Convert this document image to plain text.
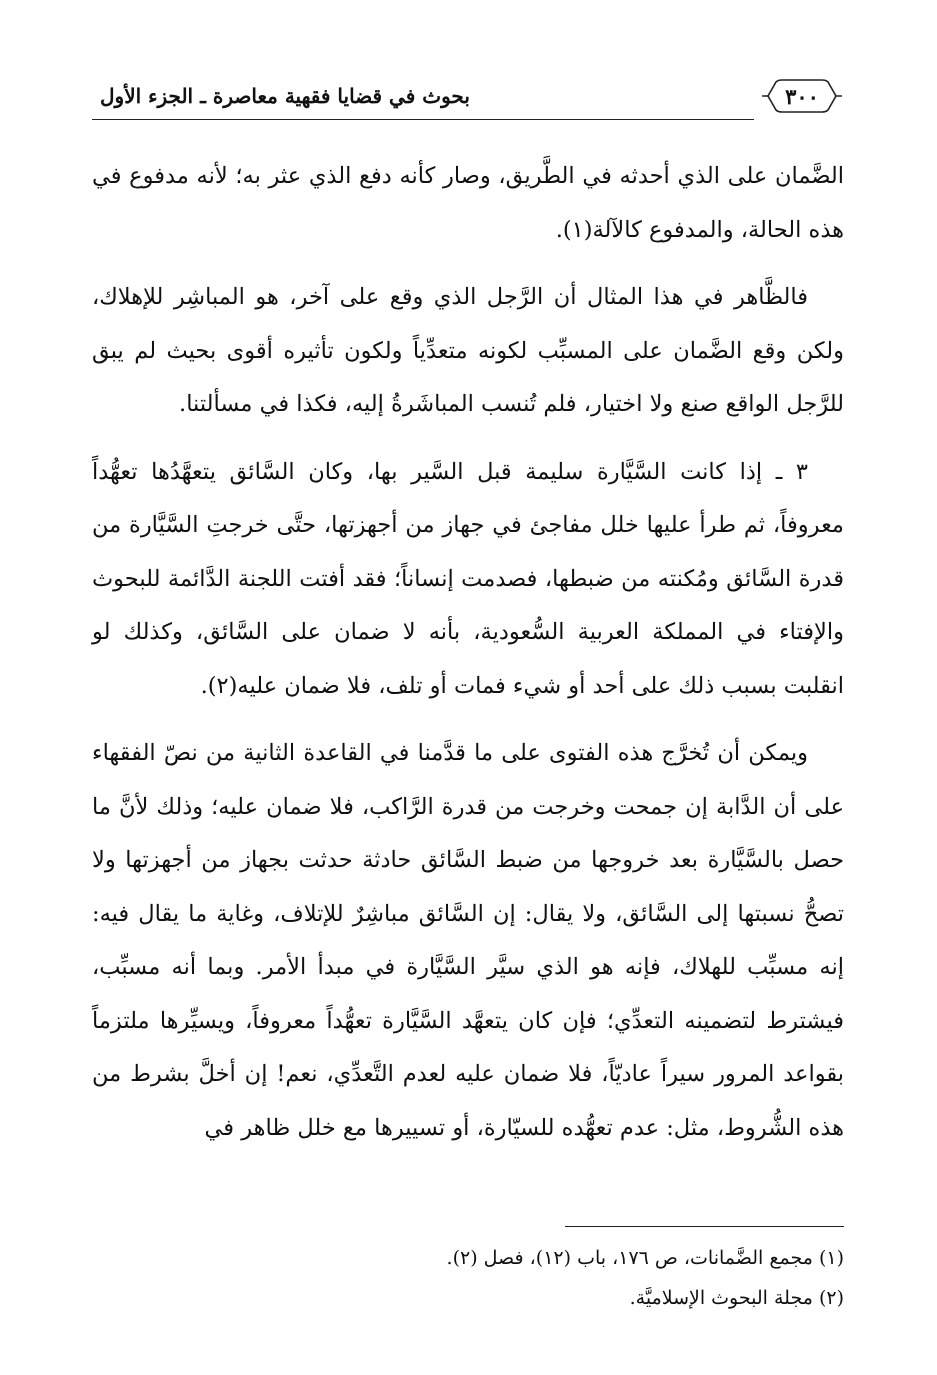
٣٠٠
بحوث في قضايا فقهية معاصرة ـ الجزء الأول

الضَّمان على الذي أحدثه في الطَّريق، وصار كأنه دفع الذي عثر به؛ لأنه مدفوع في هذه الحالة، والمدفوع كالآلة(١).

فالظَّاهر في هذا المثال أن الرَّجل الذي وقع على آخر، هو المباشِر للإهلاك، ولكن وقع الضَّمان على المسبِّب لكونه متعدِّياً ولكون تأثيره أقوى بحيث لم يبق للرَّجل الواقع صنع ولا اختيار، فلم تُنسب المباشَرةُ إليه، فكذا في مسألتنا.

٣ ـ إذا كانت السَّيَّارة سليمة قبل السَّير بها، وكان السَّائق يتعهَّدُها تعهُّداً معروفاً، ثم طرأ عليها خلل مفاجئ في جهاز من أجهزتها، حتَّى خرجتِ السَّيَّارة من قدرة السَّائق ومُكنته من ضبطها، فصدمت إنساناً؛ فقد أفتت اللجنة الدَّائمة للبحوث والإفتاء في المملكة العربية السُّعودية، بأنه لا ضمان على السَّائق، وكذلك لو انقلبت بسبب ذلك على أحد أو شيء فمات أو تلف، فلا ضمان عليه(٢).

ويمكن أن تُخرَّج هذه الفتوى على ما قدَّمنا في القاعدة الثانية من نصّ الفقهاء على أن الدَّابة إن جمحت وخرجت من قدرة الرَّاكب، فلا ضمان عليه؛ وذلك لأنَّ ما حصل بالسَّيَّارة بعد خروجها من ضبط السَّائق حادثة حدثت بجهاز من أجهزتها ولا تصحُّ نسبتها إلى السَّائق، ولا يقال: إن السَّائق مباشِرٌ للإتلاف، وغاية ما يقال فيه: إنه مسبِّب للهلاك، فإنه هو الذي سيَّر السَّيَّارة في مبدأ الأمر. وبما أنه مسبِّب، فيشترط لتضمينه التعدِّي؛ فإن كان يتعهَّد السَّيَّارة تعهُّداً معروفاً، ويسيِّرها ملتزماً بقواعد المرور سيراً عاديّاً، فلا ضمان عليه لعدم التَّعدِّي، نعم! إن أخلَّ بشرط من هذه الشُّروط، مثل: عدم تعهُّده للسيّارة، أو تسييرها مع خلل ظاهر في

(١) مجمع الضَّمانات، ص ١٧٦، باب (١٢)، فصل (٢).

(٢) مجلة البحوث الإسلاميَّة.
